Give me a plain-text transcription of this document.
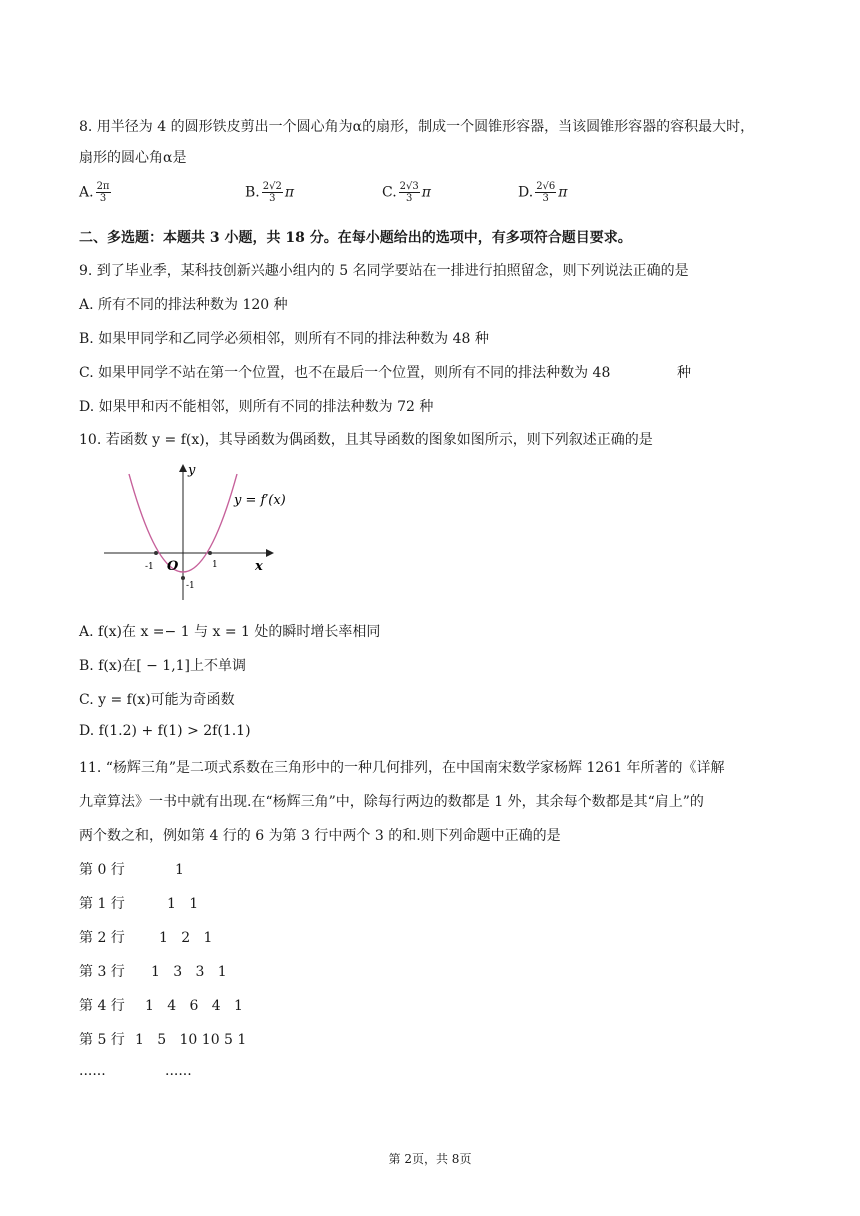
8. 用半径为 4 的圆形铁皮剪出一个圆心角为α的扇形，制成一个圆锥形容器，当该圆锥形容器的容积最大时，
扇形的圆心角α是
A. $\frac{2\pi}{3}$	B. $\frac{2√2}{3}$ π	C. $\frac{2√3}{3}$ π	D. $\frac{2√6}{3}$ π
二、多选题：本题共 3 小题，共 18 分。在每小题给出的选项中，有多项符合题目要求。
9. 到了毕业季，某科技创新兴趣小组内的 5 名同学要站在一排进行拍照留念，则下列说法正确的是
A. 所有不同的排法种数为 120 种
B. 如果甲同学和乙同学必须相邻，则所有不同的排法种数为 48 种
C. 如果甲同学不站在第一个位置，也不在最后一个位置，则所有不同的排法种数为 48	种
D. 如果甲和丙不能相邻，则所有不同的排法种数为 72 种
10. 若函数 y = f(x)，其导函数为偶函数，且其导函数的图象如图所示，则下列叙述正确的是
y
x
O
-1	1
-1
y = f′(x)
A. f(x)在 x =− 1 与 x = 1 处的瞬时增长率相同
B. f(x)在[ − 1,1]上不单调
C. y = f(x)可能为奇函数
D. f(1.2) + f(1) > 2f(1.1)
11. “杨辉三角”是二项式系数在三角形中的一种几何排列，在中国南宋数学家杨辉 1261 年所著的《详解
九章算法》一书中就有出现.在“杨辉三角”中，除每行两边的数都是 1 外，其余每个数都是其“肩上”的
两个数之和，例如第 4 行的 6 为第 3 行中两个 3 的和.则下列命题中正确的是
第 0 行	1
第 1 行	1   1
第 2 行 1   2   1
第 3 行 1   3   3   1
第 4 行 1   4   6   4   1
第 5 行 1   5   10 10 5 1
......	......
第 2页，共 8页
